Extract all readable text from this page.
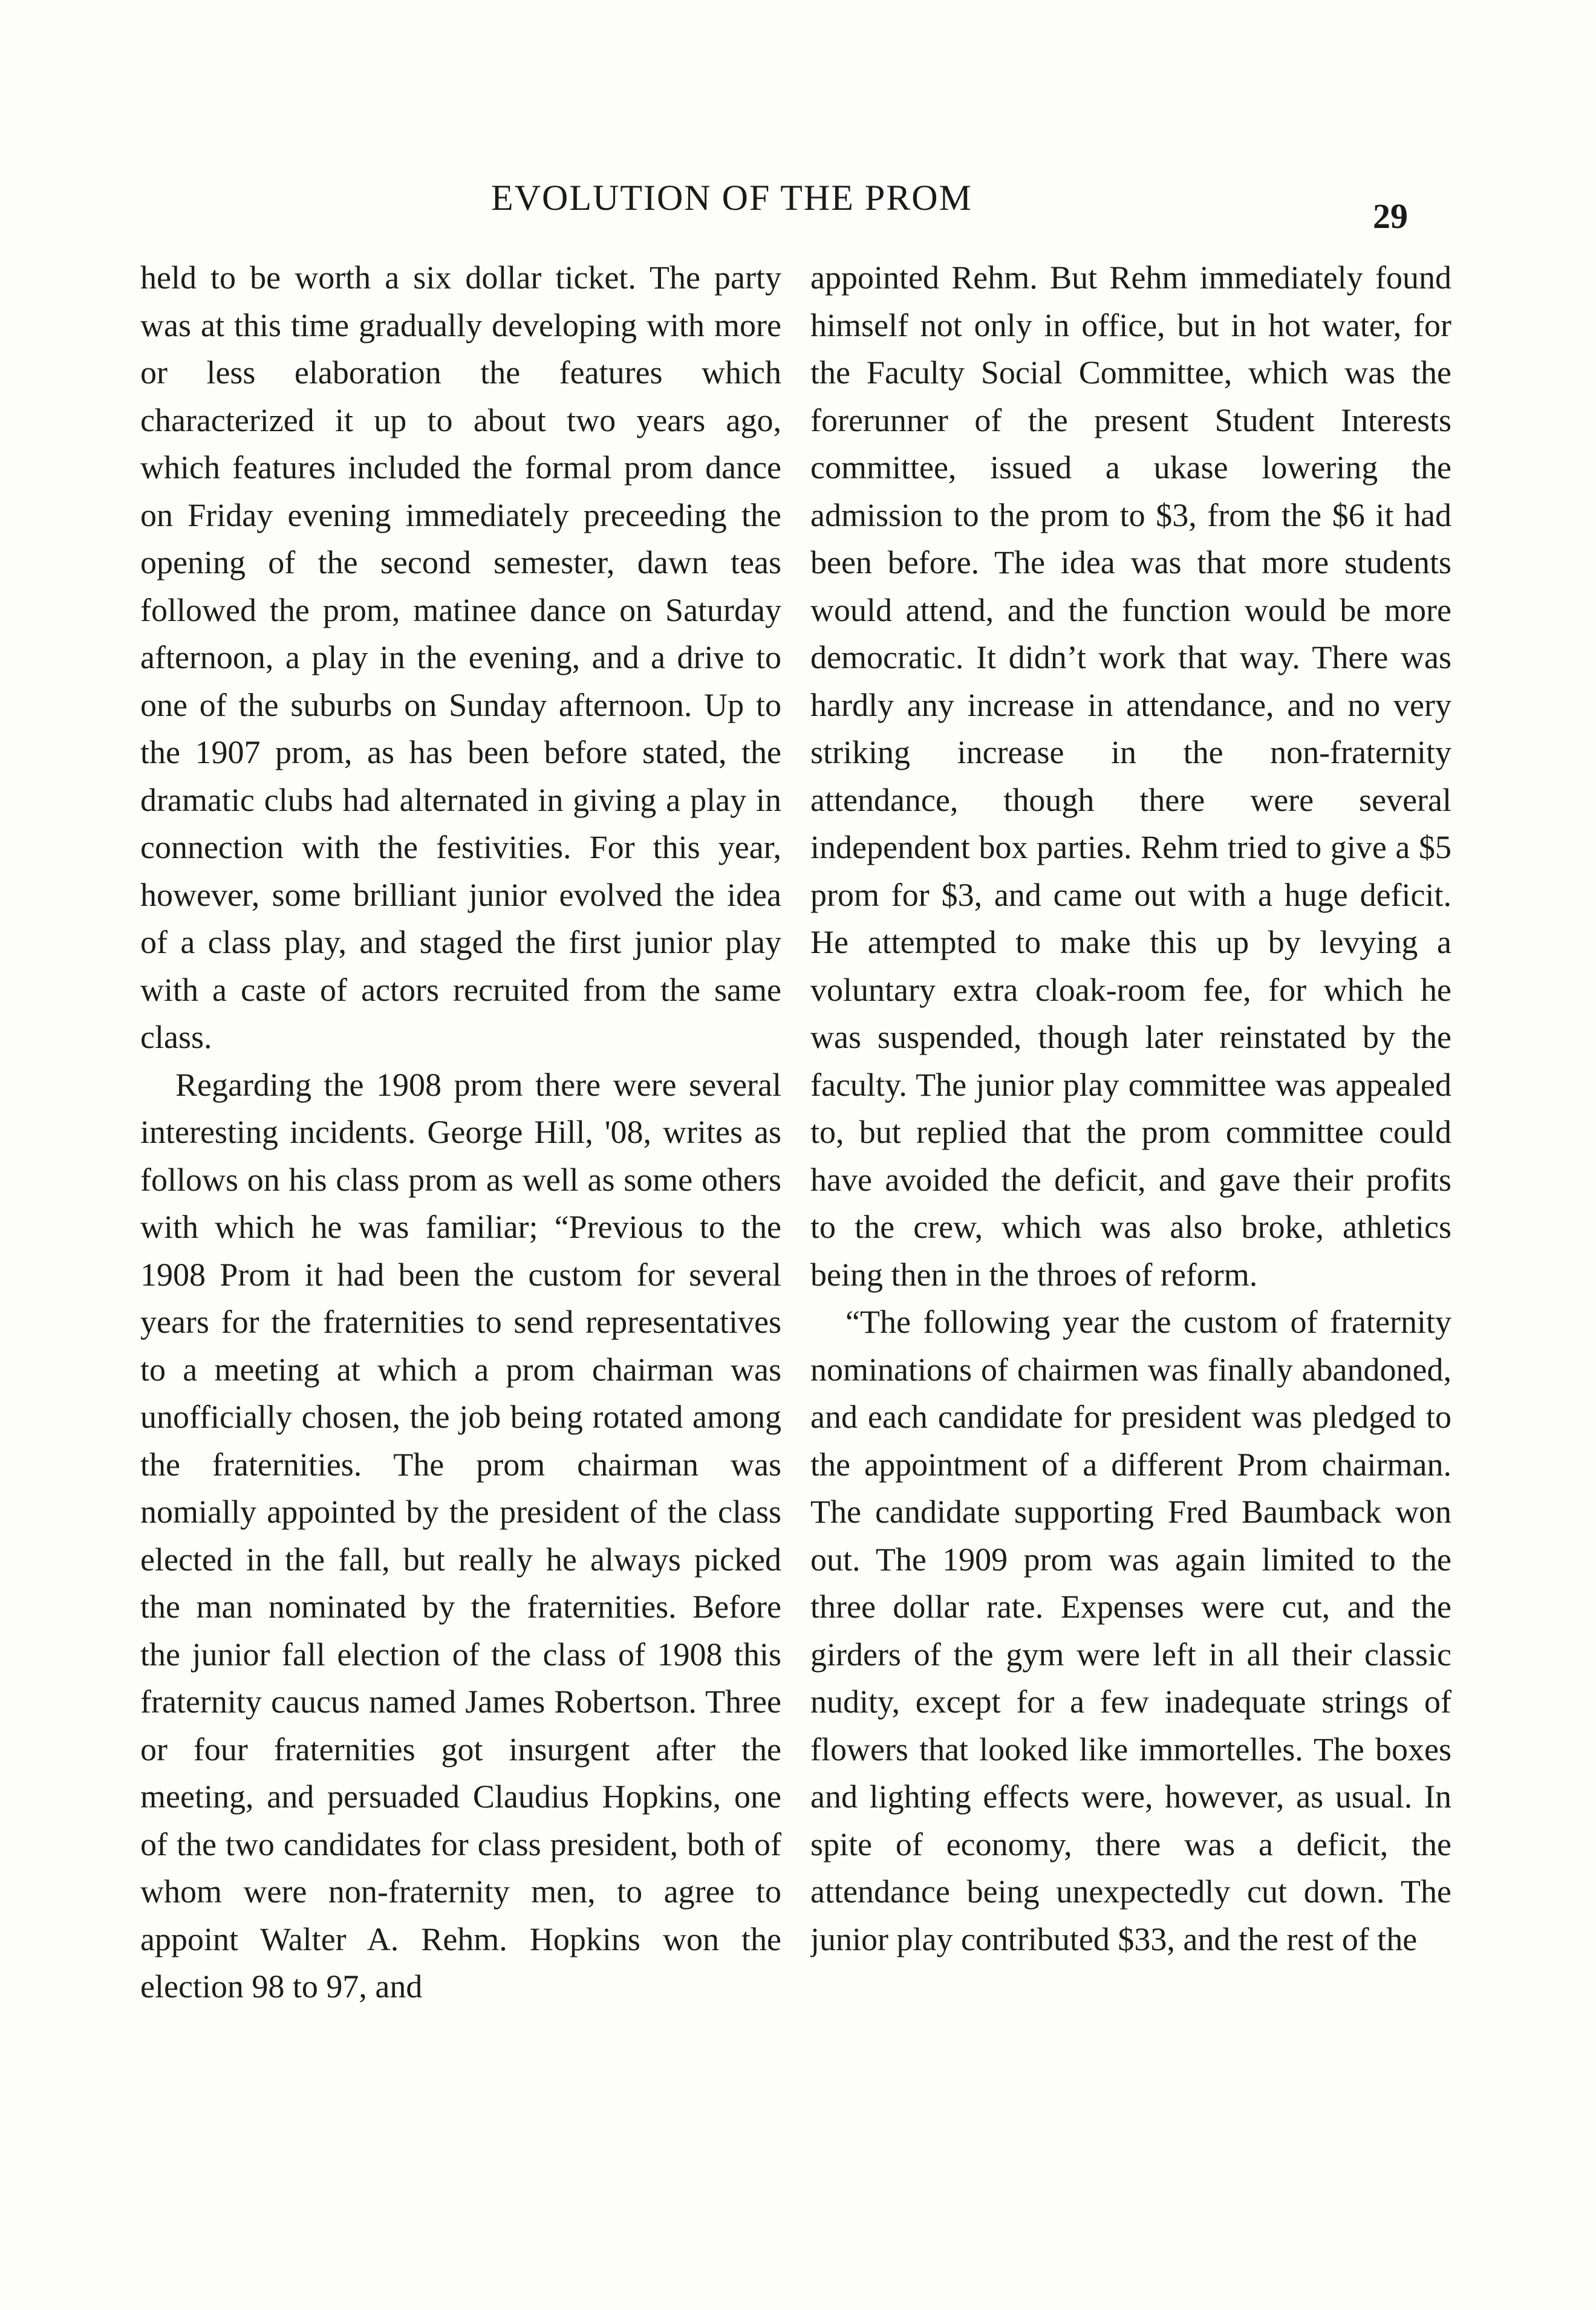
EVOLUTION OF THE PROM	29

held to be worth a six dollar ticket. The party was at this time gradually developing with more or less elaboration the features which characterized it up to about two years ago, which features included the formal prom dance on Friday evening immediately preceeding the opening of the second semester, dawn teas followed the prom, matinee dance on Saturday afternoon, a play in the evening, and a drive to one of the suburbs on Sunday afternoon. Up to the 1907 prom, as has been before stated, the dramatic clubs had alternated in giving a play in connection with the festivities. For this year, however, some brilliant junior evolved the idea of a class play, and staged the first junior play with a caste of actors recruited from the same class.

Regarding the 1908 prom there were several interesting incidents. George Hill, '08, writes as follows on his class prom as well as some others with which he was familiar; “Previous to the 1908 Prom it had been the custom for several years for the fraternities to send representatives to a meeting at which a prom chairman was unofficially chosen, the job being rotated among the fraternities. The prom chairman was nomially appointed by the president of the class elected in the fall, but really he always picked the man nominated by the fraternities. Before the junior fall election of the class of 1908 this fraternity caucus named James Robertson. Three or four fraternities got insurgent after the meeting, and persuaded Claudius Hopkins, one of the two candidates for class president, both of whom were non-fraternity men, to agree to appoint Walter A. Rehm. Hopkins won the election 98 to 97, and

appointed Rehm. But Rehm immediately found himself not only in office, but in hot water, for the Faculty Social Committee, which was the forerunner of the present Student Interests committee, issued a ukase lowering the admission to the prom to $3, from the $6 it had been before. The idea was that more students would attend, and the function would be more democratic. It didn’t work that way. There was hardly any increase in attendance, and no very striking increase in the non-fraternity attendance, though there were several independent box parties. Rehm tried to give a $5 prom for $3, and came out with a huge deficit. He attempted to make this up by levying a voluntary extra cloak-room fee, for which he was suspended, though later reinstated by the faculty. The junior play committee was appealed to, but replied that the prom committee could have avoided the deficit, and gave their profits to the crew, which was also broke, athletics being then in the throes of reform.

“The following year the custom of fraternity nominations of chairmen was finally abandoned, and each candidate for president was pledged to the appointment of a different Prom chairman. The candidate supporting Fred Baumback won out. The 1909 prom was again limited to the three dollar rate. Expenses were cut, and the girders of the gym were left in all their classic nudity, except for a few inadequate strings of flowers that looked like immortelles. The boxes and lighting effects were, however, as usual. In spite of economy, there was a deficit, the attendance being unexpectedly cut down. The junior play contributed $33, and the rest of the
